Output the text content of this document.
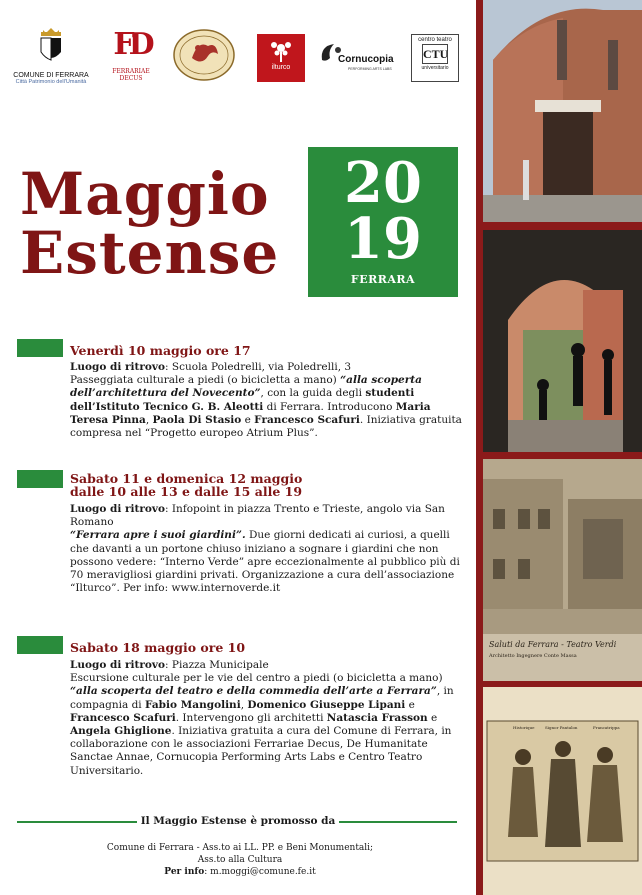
Saluti da Ferrara - Teatro Verdi
Architetto Ingegnere Conte Massa
Historique	Signor Pantalon	Francatrippa
COMUNE DI FERRARA
Città Patrimonio dell'Umanità
FD
FERRARIAE DECUS
ilturco
Cornucopia
PERFORMING ARTS LABS
centro teatro
CTU
universitario
Maggio
Estense
20
19
FERRARA
Venerdì 10 maggio ore 17
Luogo di ritrovo: Scuola Poledrelli, via Poledrelli, 3
Passeggiata culturale a piedi (o bicicletta a mano) “alla scoperta dell’architettura del Novecento”, con la guida degli studenti dell’Istituto Tecnico G. B. Aleotti di Ferrara. Introducono Maria Teresa Pinna, Paola Di Stasio e Francesco Scafuri. Iniziativa gratuita compresa nel “Progetto europeo Atrium Plus”.
Sabato 11 e domenica 12 maggio
dalle 10 alle 13 e dalle 15 alle 19
Luogo di ritrovo: Infopoint in piazza Trento e Trieste, angolo via San Romano
“Ferrara apre i suoi giardini”. Due giorni dedicati ai curiosi, a quelli che davanti a un portone chiuso iniziano a sognare i giardini che non possono vedere: “Interno Verde” apre eccezionalmente al pubblico più di 70 meravigliosi giardini privati. Organizzazione a cura dell’associazione “Ilturco”. Per info: www.internoverde.it
Sabato 18 maggio ore 10
Luogo di ritrovo: Piazza Municipale
Escursione culturale per le vie del centro a piedi (o bicicletta a mano) “alla scoperta del teatro e della commedia dell’arte a Ferrara”, in compagnia di Fabio Mangolini, Domenico Giuseppe Lipani e Francesco Scafuri. Intervengono gli architetti Natascia Frasson e Angela Ghiglione. Iniziativa gratuita a cura del Comune di Ferrara, in collaborazione con le associazioni Ferrariae Decus, De Humanitate Sanctae Annae, Cornucopia Performing Arts Labs e Centro Teatro Universitario.
Il Maggio Estense è promosso da
Comune di Ferrara - Ass.to ai LL. PP. e Beni Monumentali;
Ass.to alla Cultura
Per info: m.moggi@comune.fe.it
